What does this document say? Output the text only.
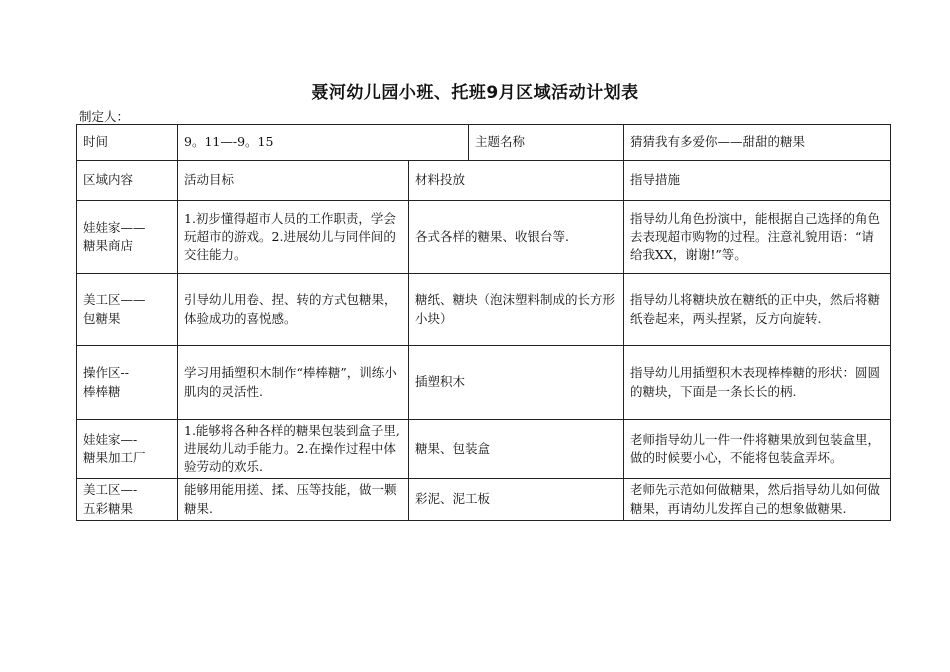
聂河幼儿园小班、托班9月区域活动计划表
制定人：
时间	9。11—-9。15		主题名称	猜猜我有多爱你——甜甜的糖果
区域内容	活动目标	材料投放		指导措施

娃娃家——
糖果商店	1.初步懂得超市人员的工作职责，学会玩超市的游戏。2.进展幼儿与同伴间的交往能力。	各式各样的糖果、收银台等.		指导幼儿角色扮演中，能根据自己选择的角色去表现超市购物的过程。注意礼貌用语：“请给我XX，谢谢!”等。

美工区——
包糖果	引导幼儿用卷、捏、转的方式包糖果，体验成功的喜悦感。	糖纸、糖块（泡沫塑料制成的长方形小块）		指导幼儿将糖块放在糖纸的正中央，然后将糖纸卷起来，两头捏紧，反方向旋转.

操作区--
棒棒糖	学习用插塑积木制作“棒棒糖”，训练小肌肉的灵活性.	插塑积木		指导幼儿用插塑积木表现棒棒糖的形状：圆圆的糖块，下面是一条长长的柄.

娃娃家—-
糖果加工厂	1.能够将各种各样的糖果包装到盒子里,进展幼儿动手能力。2.在操作过程中体验劳动的欢乐.	糖果、包装盒		老师指导幼儿一件一件将糖果放到包装盒里，做的时候要小心，不能将包装盒弄坏。

美工区—-
五彩糖果	能够用能用搓、揉、压等技能，做一颗糖果.	彩泥、泥工板		老师先示范如何做糖果，然后指导幼儿如何做糖果，再请幼儿发挥自己的想象做糖果.
